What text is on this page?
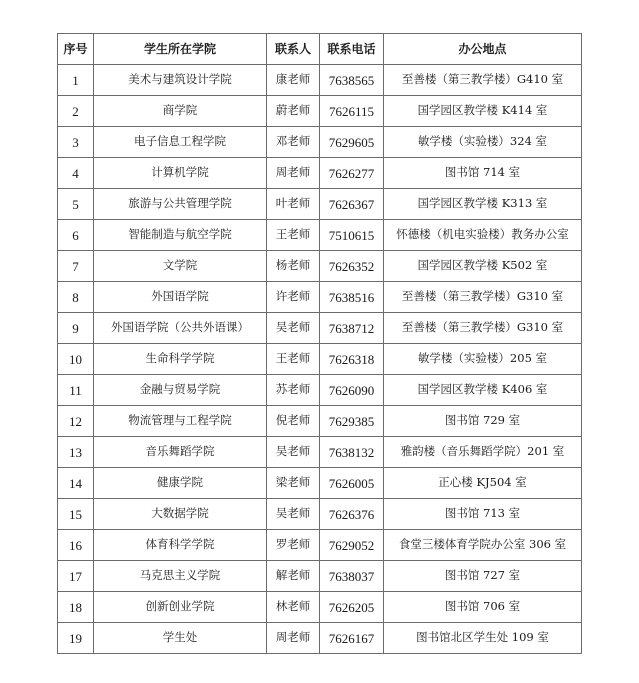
序号	学生所在学院	联系人	联系电话	办公地点
1	美术与建筑设计学院	康老师	7638565	至善楼（第三教学楼）G410 室
2	商学院	蔚老师	7626115	国学园区教学楼 K414 室
3	电子信息工程学院	邓老师	7629605	敏学楼（实验楼）324 室
4	计算机学院	周老师	7626277	图书馆 714 室
5	旅游与公共管理学院	叶老师	7626367	国学园区教学楼 K313 室
6	智能制造与航空学院	王老师	7510615	怀德楼（机电实验楼）教务办公室
7	文学院	杨老师	7626352	国学园区教学楼 K502 室
8	外国语学院	许老师	7638516	至善楼（第三教学楼）G310 室
9	外国语学院（公共外语课）	吴老师	7638712	至善楼（第三教学楼）G310 室
10	生命科学学院	王老师	7626318	敏学楼（实验楼）205 室
11	金融与贸易学院	苏老师	7626090	国学园区教学楼 K406 室
12	物流管理与工程学院	倪老师	7629385	图书馆 729 室
13	音乐舞蹈学院	吴老师	7638132	雅韵楼（音乐舞蹈学院）201 室
14	健康学院	梁老师	7626005	正心楼 KJ504 室
15	大数据学院	吴老师	7626376	图书馆 713 室
16	体育科学学院	罗老师	7629052	食堂三楼体育学院办公室 306 室
17	马克思主义学院	解老师	7638037	图书馆 727 室
18	创新创业学院	林老师	7626205	图书馆 706 室
19	学生处	周老师	7626167	图书馆北区学生处 109 室
